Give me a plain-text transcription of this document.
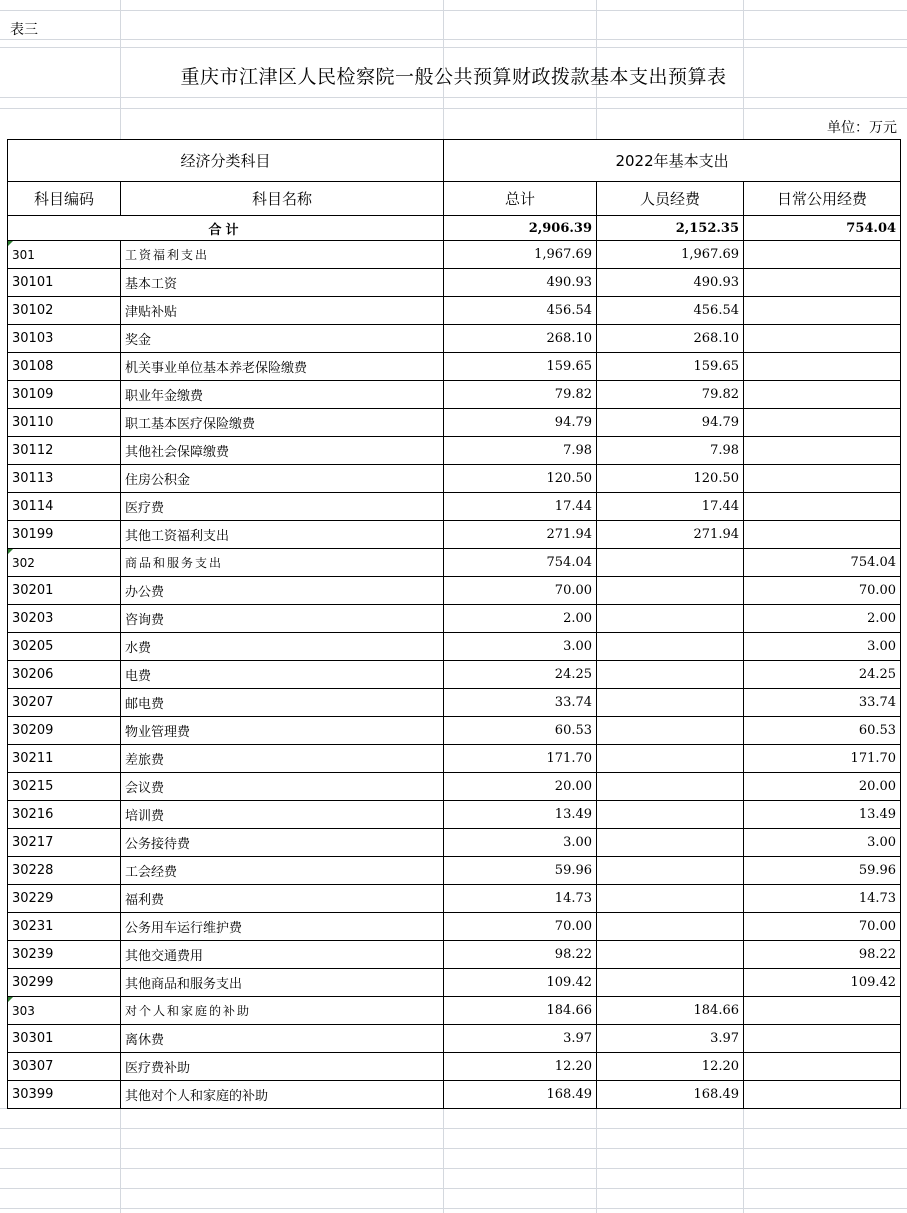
表三
重庆市江津区人民检察院一般公共预算财政拨款基本支出预算表
单位：万元
经济分类科目		2022年基本支出		
科目编码	科目名称	总计	人员经费	日常公用经费
合计		2,906.39	2,152.35	754.04
301	工资福利支出	1,967.69	1,967.69	
30101	基本工资	490.93	490.93	
30102	津贴补贴	456.54	456.54	
30103	奖金	268.10	268.10	
30108	机关事业单位基本养老保险缴费	159.65	159.65	
30109	职业年金缴费	79.82	79.82	
30110	职工基本医疗保险缴费	94.79	94.79	
30112	其他社会保障缴费	7.98	7.98	
30113	住房公积金	120.50	120.50	
30114	医疗费	17.44	17.44	
30199	其他工资福利支出	271.94	271.94	
302	商品和服务支出	754.04		754.04
30201	办公费	70.00		70.00
30203	咨询费	2.00		2.00
30205	水费	3.00		3.00
30206	电费	24.25		24.25
30207	邮电费	33.74		33.74
30209	物业管理费	60.53		60.53
30211	差旅费	171.70		171.70
30215	会议费	20.00		20.00
30216	培训费	13.49		13.49
30217	公务接待费	3.00		3.00
30228	工会经费	59.96		59.96
30229	福利费	14.73		14.73
30231	公务用车运行维护费	70.00		70.00
30239	其他交通费用	98.22		98.22
30299	其他商品和服务支出	109.42		109.42
303	对个人和家庭的补助	184.66	184.66	
30301	离休费	3.97	3.97	
30307	医疗费补助	12.20	12.20	
30399	其他对个人和家庭的补助	168.49	168.49	
